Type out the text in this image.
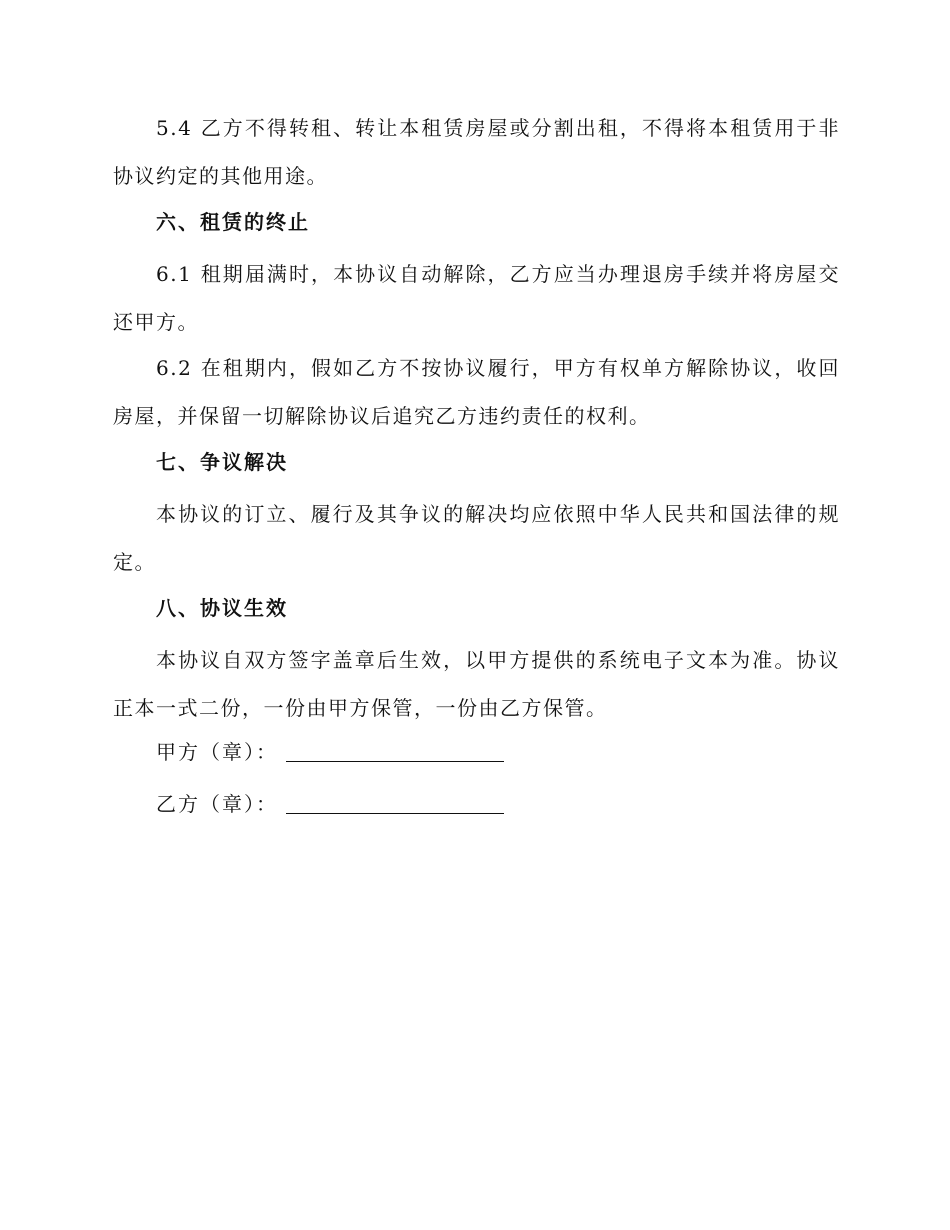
5.4 乙方不得转租、转让本租赁房屋或分割出租，不得将本租赁用于非协议约定的其他用途。

六、租赁的终止

6.1 租期届满时，本协议自动解除，乙方应当办理退房手续并将房屋交还甲方。

6.2 在租期内，假如乙方不按协议履行，甲方有权单方解除协议，收回房屋，并保留一切解除协议后追究乙方违约责任的权利。

七、争议解决

本协议的订立、履行及其争议的解决均应依照中华人民共和国法律的规定。

八、协议生效

本协议自双方签字盖章后生效，以甲方提供的系统电子文本为准。协议正本一式二份，一份由甲方保管，一份由乙方保管。

甲方（章）：
乙方（章）：
